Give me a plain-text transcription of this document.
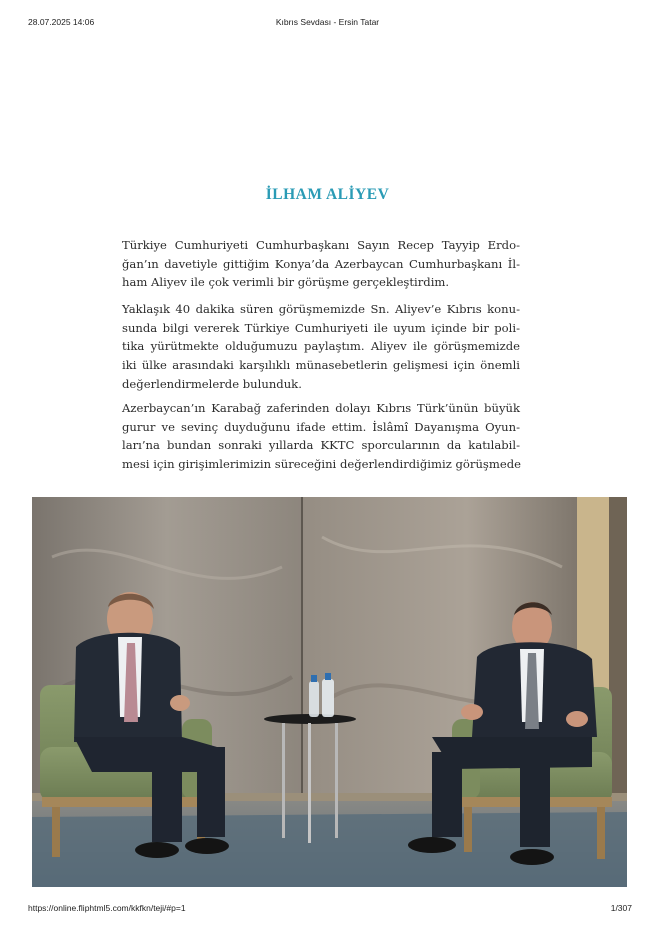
28.07.2025 14:06	Kıbrıs Sevdası - Ersin Tatar
İLHAM ALİYEV
Türkiye Cumhuriyeti Cumhurbaşkanı Sayın Recep Tayyip Erdo-
ğan’ın davetiyle gittiğim Konya’da Azerbaycan Cumhurbaşkanı İl-
ham Aliyev ile çok verimli bir görüşme gerçekleştirdim.
Yaklaşık 40 dakika süren görüşmemizde Sn. Aliyev’e Kıbrıs konu-
sunda bilgi vererek Türkiye Cumhuriyeti ile uyum içinde bir poli-
tika yürütmekte olduğumuzu paylaştım. Aliyev ile görüşmemizde
iki ülke arasındaki karşılıklı münasebetlerin gelişmesi için önemli
değerlendirmelerde bulunduk.
Azerbaycan’ın Karabağ zaferinden dolayı Kıbrıs Türk’ünün büyük
gurur ve sevinç duyduğunu ifade ettim. İslâmî Dayanışma Oyun-
ları’na bundan sonraki yıllarda KKTC sporcularının da katılabil-
mesi için girişimlerimizin süreceğini değerlendirdiğimiz görüşmede
https://online.fliphtml5.com/kkfkn/teji/#p=1	1/307
